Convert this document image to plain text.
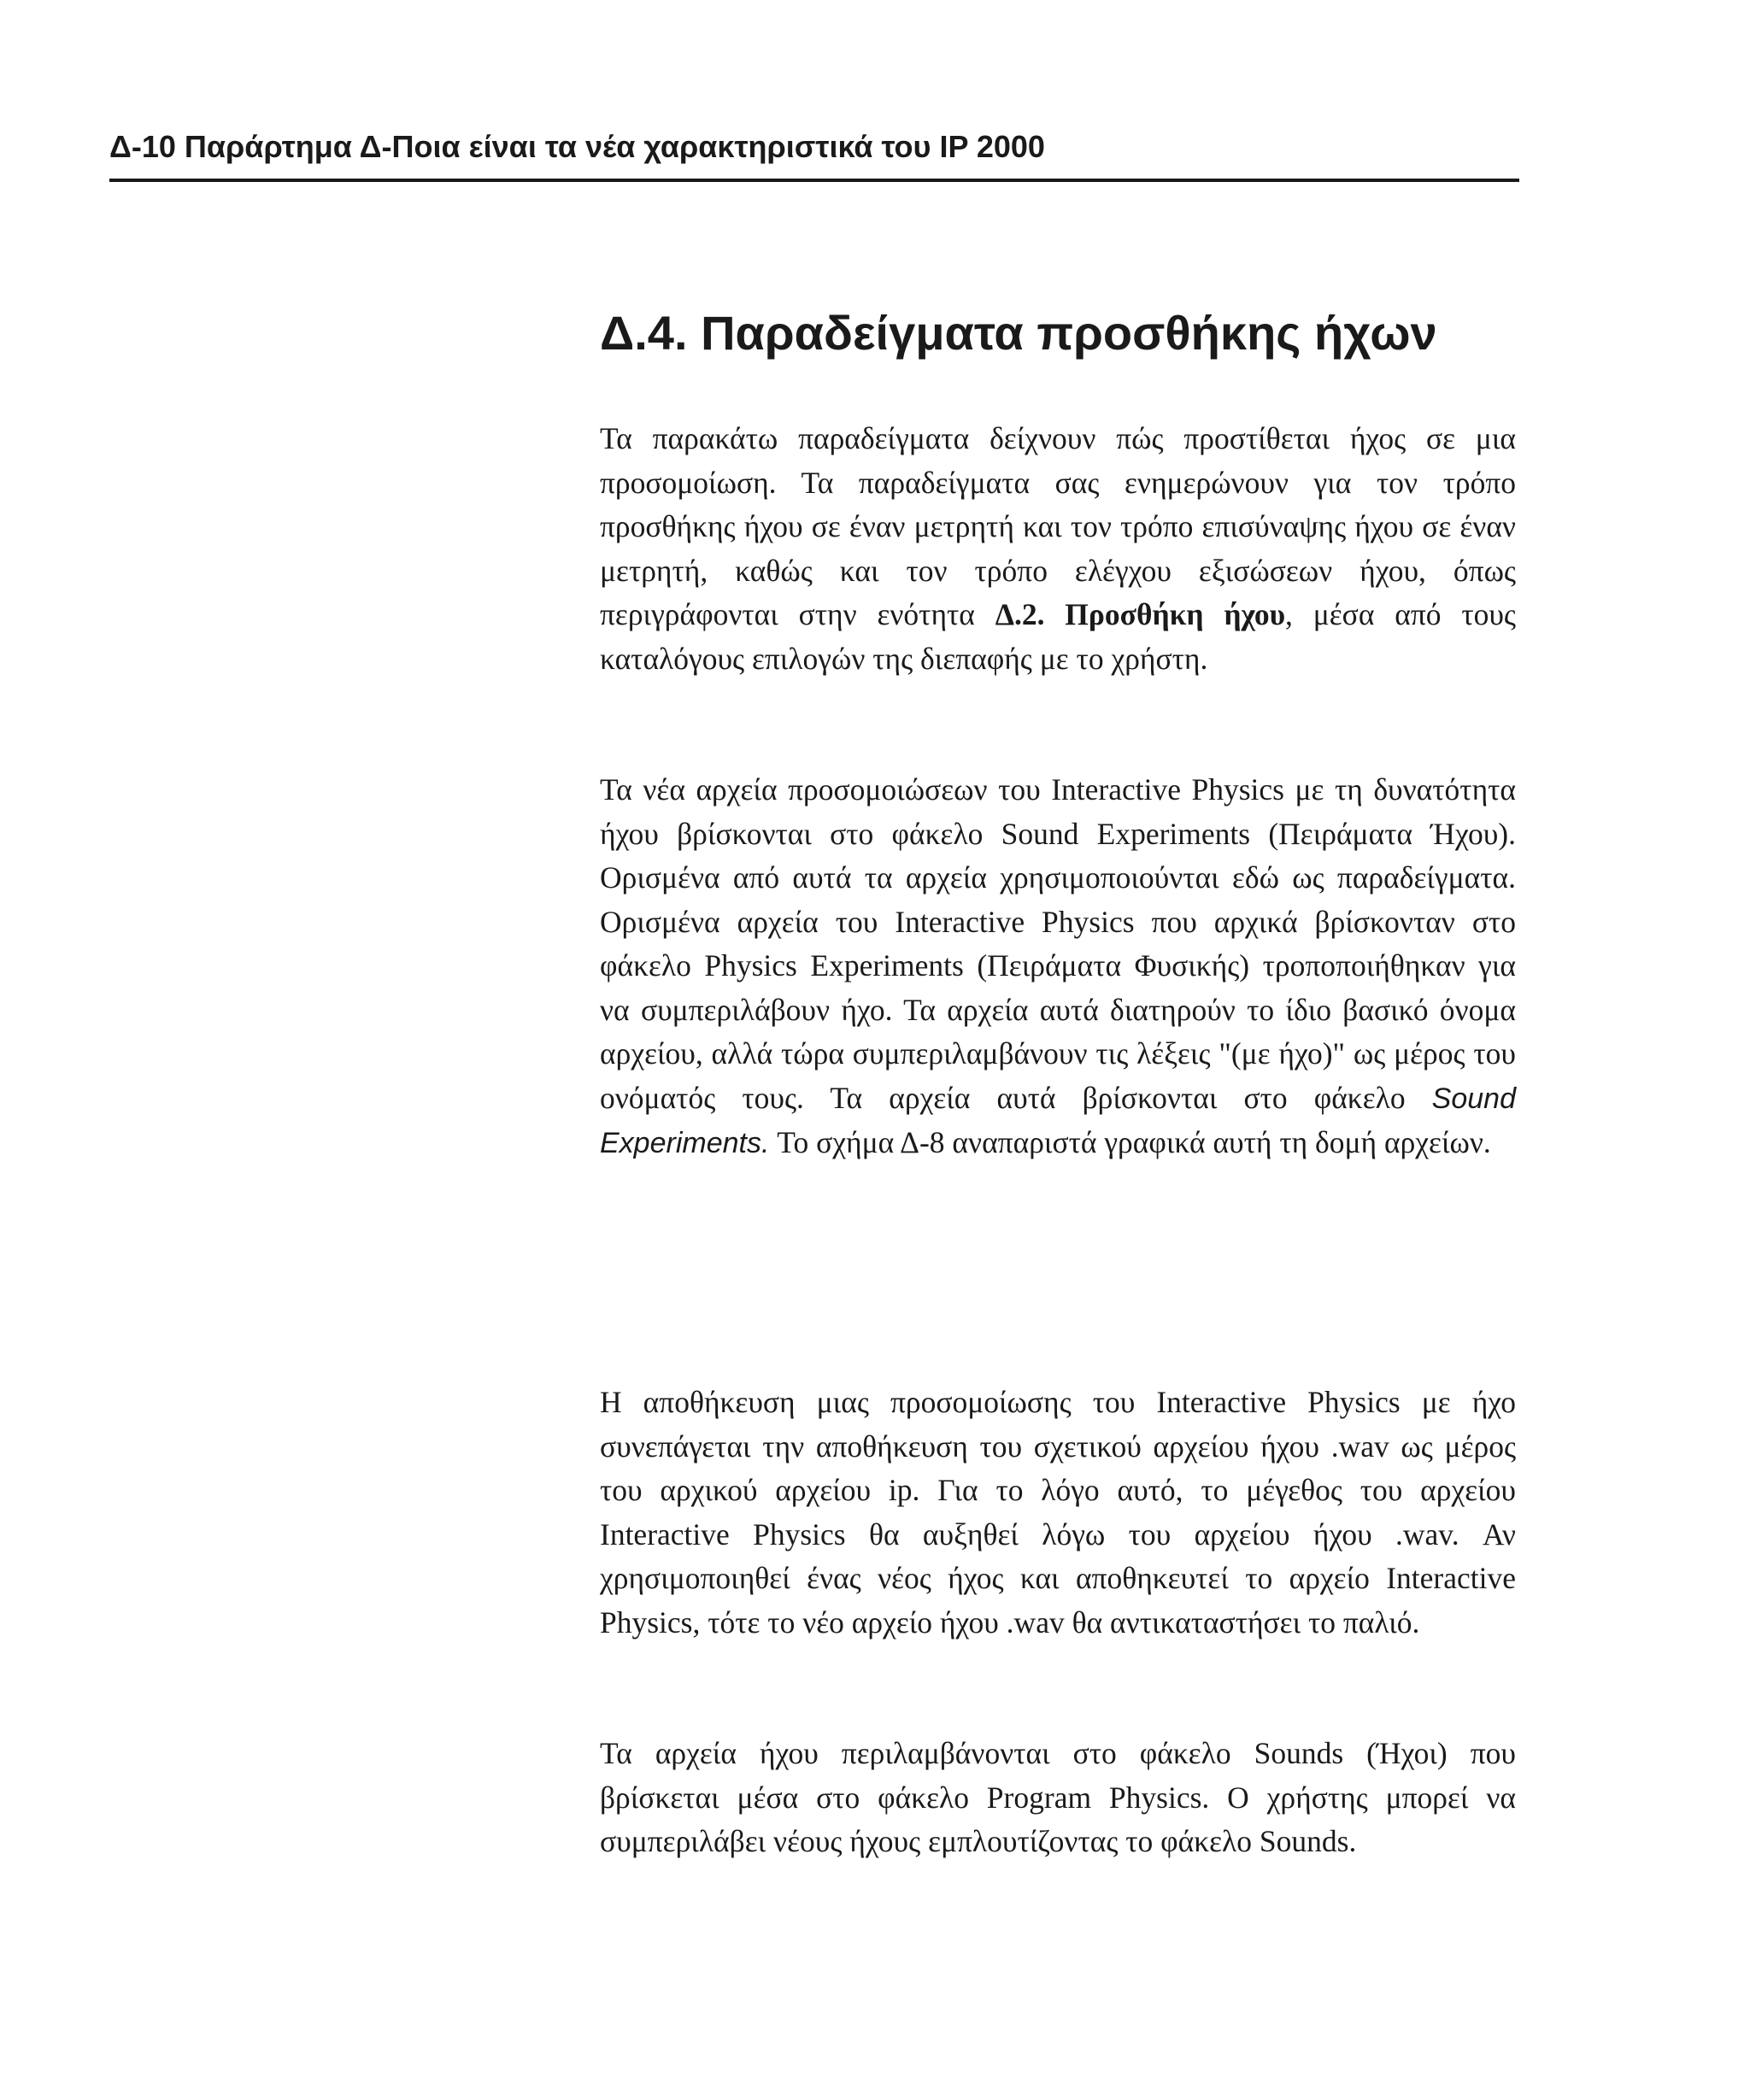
Δ-10 Παράρτημα Δ-Ποια είναι τα νέα χαρακτηριστικά του IP 2000
Δ.4. Παραδείγματα προσθήκης ήχων

Τα παρακάτω παραδείγματα δείχνουν πώς προστίθεται ήχος σε μια προσομοίωση. Τα παραδείγματα σας ενημερώνουν για τον τρόπο προσθήκης ήχου σε έναν μετρητή και τον τρόπο επισύναψης ήχου σε έναν μετρητή, καθώς και τον τρόπο ελέγχου εξισώσεων ήχου, όπως περιγράφονται στην ενότητα Δ.2. Προσθήκη ήχου, μέσα από τους καταλόγους επιλογών της διεπαφής με το χρήστη.

Τα νέα αρχεία προσομοιώσεων του Interactive Physics με τη δυνατότητα ήχου βρίσκονται στο φάκελο Sound Experiments (Πειράματα Ήχου). Ορισμένα από αυτά τα αρχεία χρησιμοποιούνται εδώ ως παραδείγματα. Ορισμένα αρχεία του Interactive Physics που αρχικά βρίσκονταν στο φάκελο Physics Experiments (Πειράματα Φυσικής) τροποποιήθηκαν για να συμπεριλάβουν ήχο. Τα αρχεία αυτά διατηρούν το ίδιο βασικό όνομα αρχείου, αλλά τώρα συμπεριλαμβάνουν τις λέξεις "(με ήχο)" ως μέρος του ονόματός τους. Τα αρχεία αυτά βρίσκονται στο φάκελο Sound Experiments. Το σχήμα Δ-8 αναπαριστά γραφικά αυτή τη δομή αρχείων.

Η αποθήκευση μιας προσομοίωσης του Interactive Physics με ήχο συνεπάγεται την αποθήκευση του σχετικού αρχείου ήχου .wav ως μέρος του αρχικού αρχείου ip. Για το λόγο αυτό, το μέγεθος του αρχείου Interactive Physics θα αυξηθεί λόγω του αρχείου ήχου .wav. Αν χρησιμοποιηθεί ένας νέος ήχος και αποθηκευτεί το αρχείο Interactive Physics, τότε το νέο αρχείο ήχου .wav θα αντικαταστήσει το παλιό.

Τα αρχεία ήχου περιλαμβάνονται στο φάκελο Sounds (Ήχοι) που βρίσκεται μέσα στο φάκελο Program Physics. Ο χρήστης μπορεί να συμπεριλάβει νέους ήχους εμπλουτίζοντας το φάκελο Sounds.
